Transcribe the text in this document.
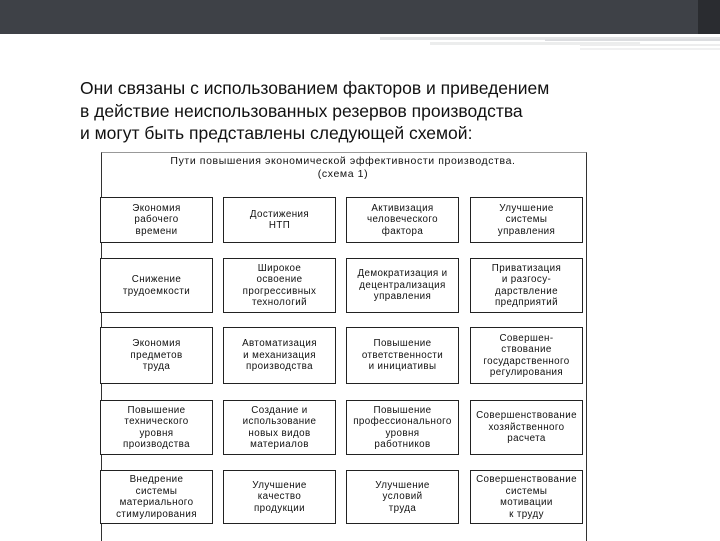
Они связаны с использованием факторов и приведением
в действие неиспользованных резервов производства
и могут быть представлены следующей схемой:
Пути повышения экономической эффективности производства.
(схема 1)
Экономия
рабочего
времени
Достижения
НТП
Активизация
человеческого
фактора
Улучшение
системы
управления
Снижение
трудоемкости
Широкое
освоение
прогрессивных
технологий
Демократизация и
децентрализация
управления
Приватизация
и разгосу-
дарствление
предприятий
Экономия
предметов
труда
Автоматизация
и механизация
производства
Повышение
ответственности
и инициативы
Совершен-
ствование
государственного
регулирования
Повышение
технического
уровня
производства
Создание и
использование
новых видов
материалов
Повышение
профессионального
уровня
работников
Совершенствование
хозяйственного
расчета
Внедрение
системы
материального
стимулирования
Улучшение
качество
продукции
Улучшение
условий
труда
Совершенствование
системы
мотивации
к труду
